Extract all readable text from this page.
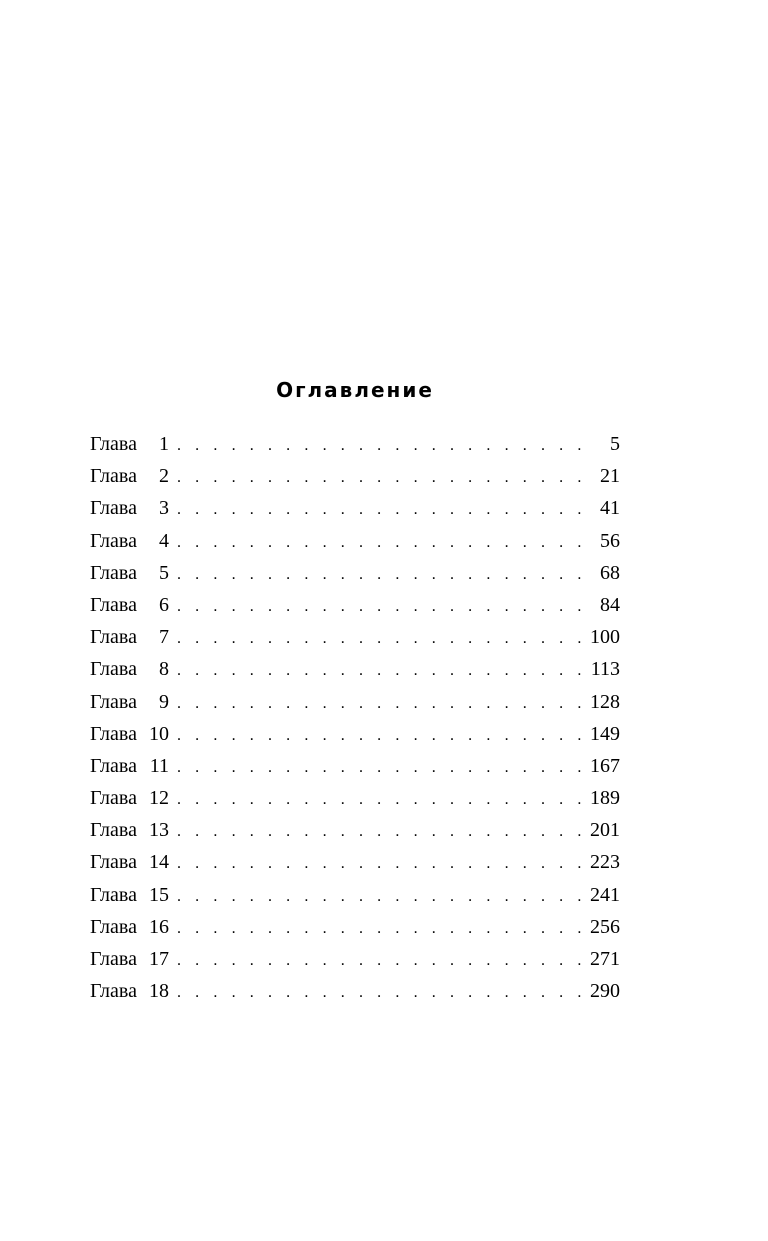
Оглавление
Глава	1 . . .	5
Глава	2 . . .	21
Глава	3 . . .	41
Глава	4 . . .	56
Глава	5 . . .	68
Глава	6 . . .	84
Глава	7 . . .	100
Глава	8 . . .	113
Глава	9 . . .	128
Глава 10 . . .	149
Глава 11 . . .	167
Глава 12 . . .	189
Глава 13 . . .	201
Глава 14 . . .	223
Глава 15 . . .	241
Глава 16 . . .	256
Глава 17 . . .	271
Глава 18 . . .	290
